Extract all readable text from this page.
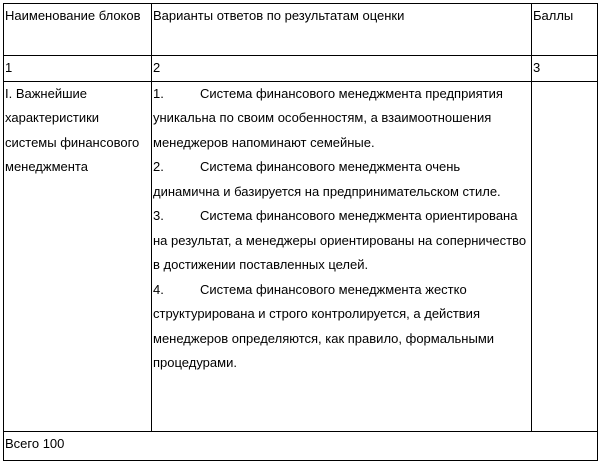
Наименование блоков	Варианты ответов по результатам оценки	Баллы
1	2	3
I. Важнейшие характеристики системы финансового менеджмента	1. Система финансового менеджмента предприятия уникальна по своим особенностям, а взаимоотношения менеджеров напоминают семейные.
2. Система финансового менеджмента очень динамична и базируется на предпринимательском стиле.
3. Система финансового менеджмента ориентирована на результат, а менеджеры ориентированы на соперничество в достижении поставленных целей.
4. Система финансового менеджмента жестко структурирована и строго контролируется, а действия менеджеров определяются, как правило, формальными процедурами.	

Всего 100		
